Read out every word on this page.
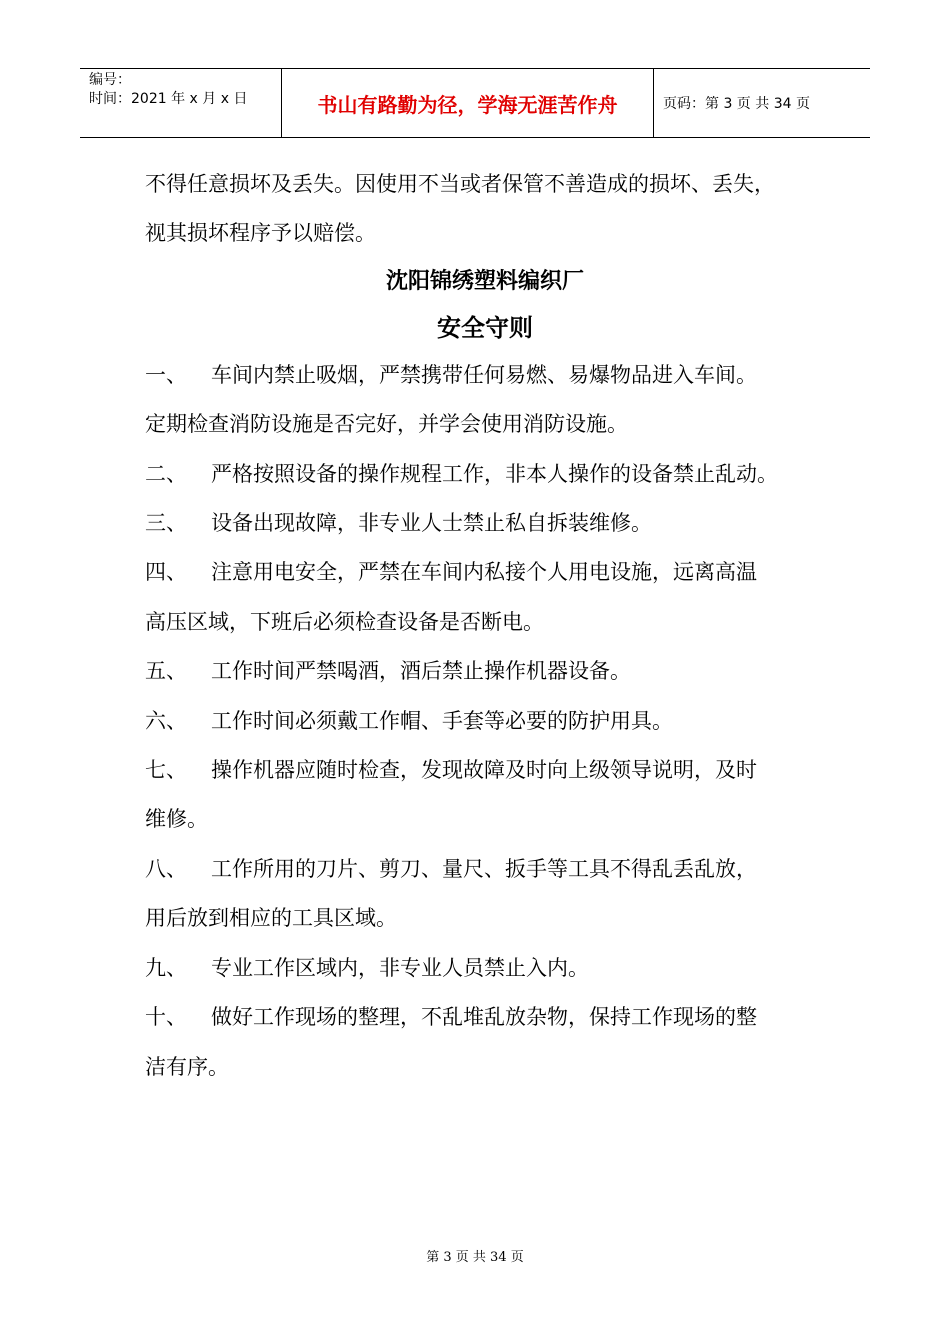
编号：
时间：2021 年 x 月 x 日	书山有路勤为径，学海无涯苦作舟	页码：第 3 页 共 34 页
不得任意损坏及丢失。因使用不当或者保管不善造成的损坏、丢失，
视其损坏程序予以赔偿。
沈阳锦绣塑料编织厂
安全守则
一、	车间内禁止吸烟，严禁携带任何易燃、易爆物品进入车间。
定期检查消防设施是否完好，并学会使用消防设施。
二、	严格按照设备的操作规程工作，非本人操作的设备禁止乱动。
三、	设备出现故障，非专业人士禁止私自拆装维修。
四、	注意用电安全，严禁在车间内私接个人用电设施，远离高温
高压区域，下班后必须检查设备是否断电。
五、	工作时间严禁喝酒，酒后禁止操作机器设备。
六、	工作时间必须戴工作帽、手套等必要的防护用具。
七、	操作机器应随时检查，发现故障及时向上级领导说明，及时
维修。
八、	工作所用的刀片、剪刀、量尺、扳手等工具不得乱丢乱放，
用后放到相应的工具区域。
九、	专业工作区域内，非专业人员禁止入内。
十、	做好工作现场的整理，不乱堆乱放杂物，保持工作现场的整
洁有序。
第 3 页 共 34 页
